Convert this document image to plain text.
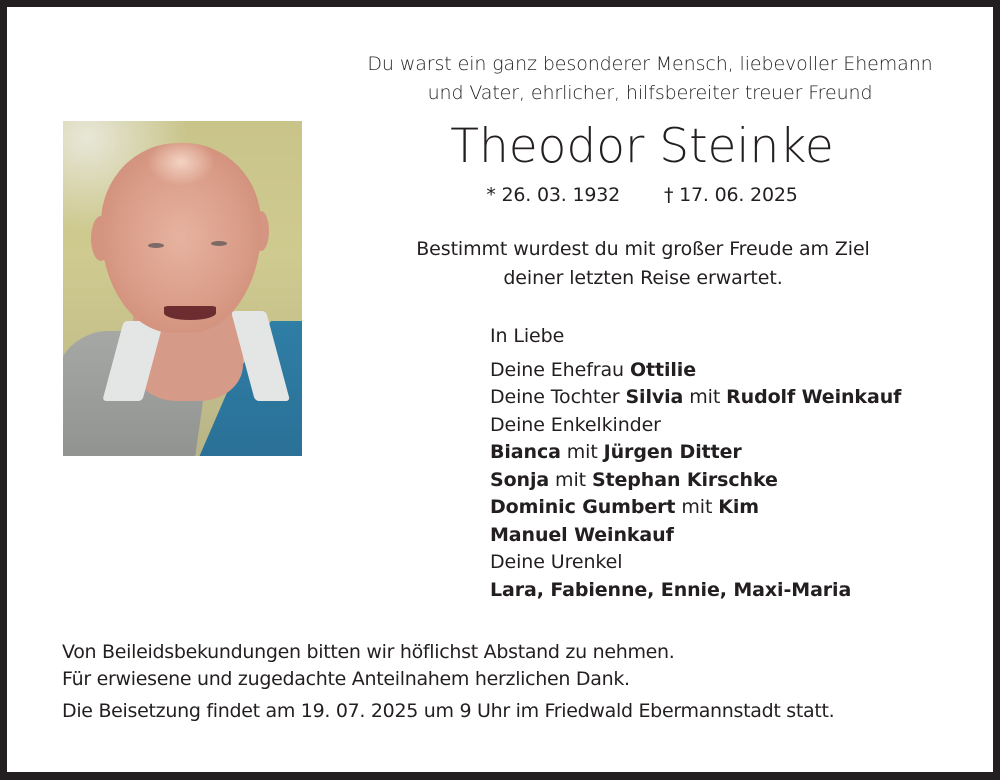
Du warst ein ganz besonderer Mensch, liebevoller Ehemann
und Vater, ehrlicher, hilfsbereiter treuer Freund
Theodor Steinke
* 26. 03. 1932 † 17. 06. 2025
Bestimmt wurdest du mit großer Freude am Ziel
deiner letzten Reise erwartet.
In Liebe
Deine Ehefrau Ottilie
Deine Tochter Silvia mit Rudolf Weinkauf
Deine Enkelkinder
Bianca mit Jürgen Ditter
Sonja mit Stephan Kirschke
Dominic Gumbert mit Kim
Manuel Weinkauf
Deine Urenkel
Lara, Fabienne, Ennie, Maxi-Maria
Von Beileidsbekundungen bitten wir höflichst Abstand zu nehmen.
Für erwiesene und zugedachte Anteilnahem herzlichen Dank.
Die Beisetzung findet am 19. 07. 2025 um 9 Uhr im Friedwald Ebermannstadt statt.
